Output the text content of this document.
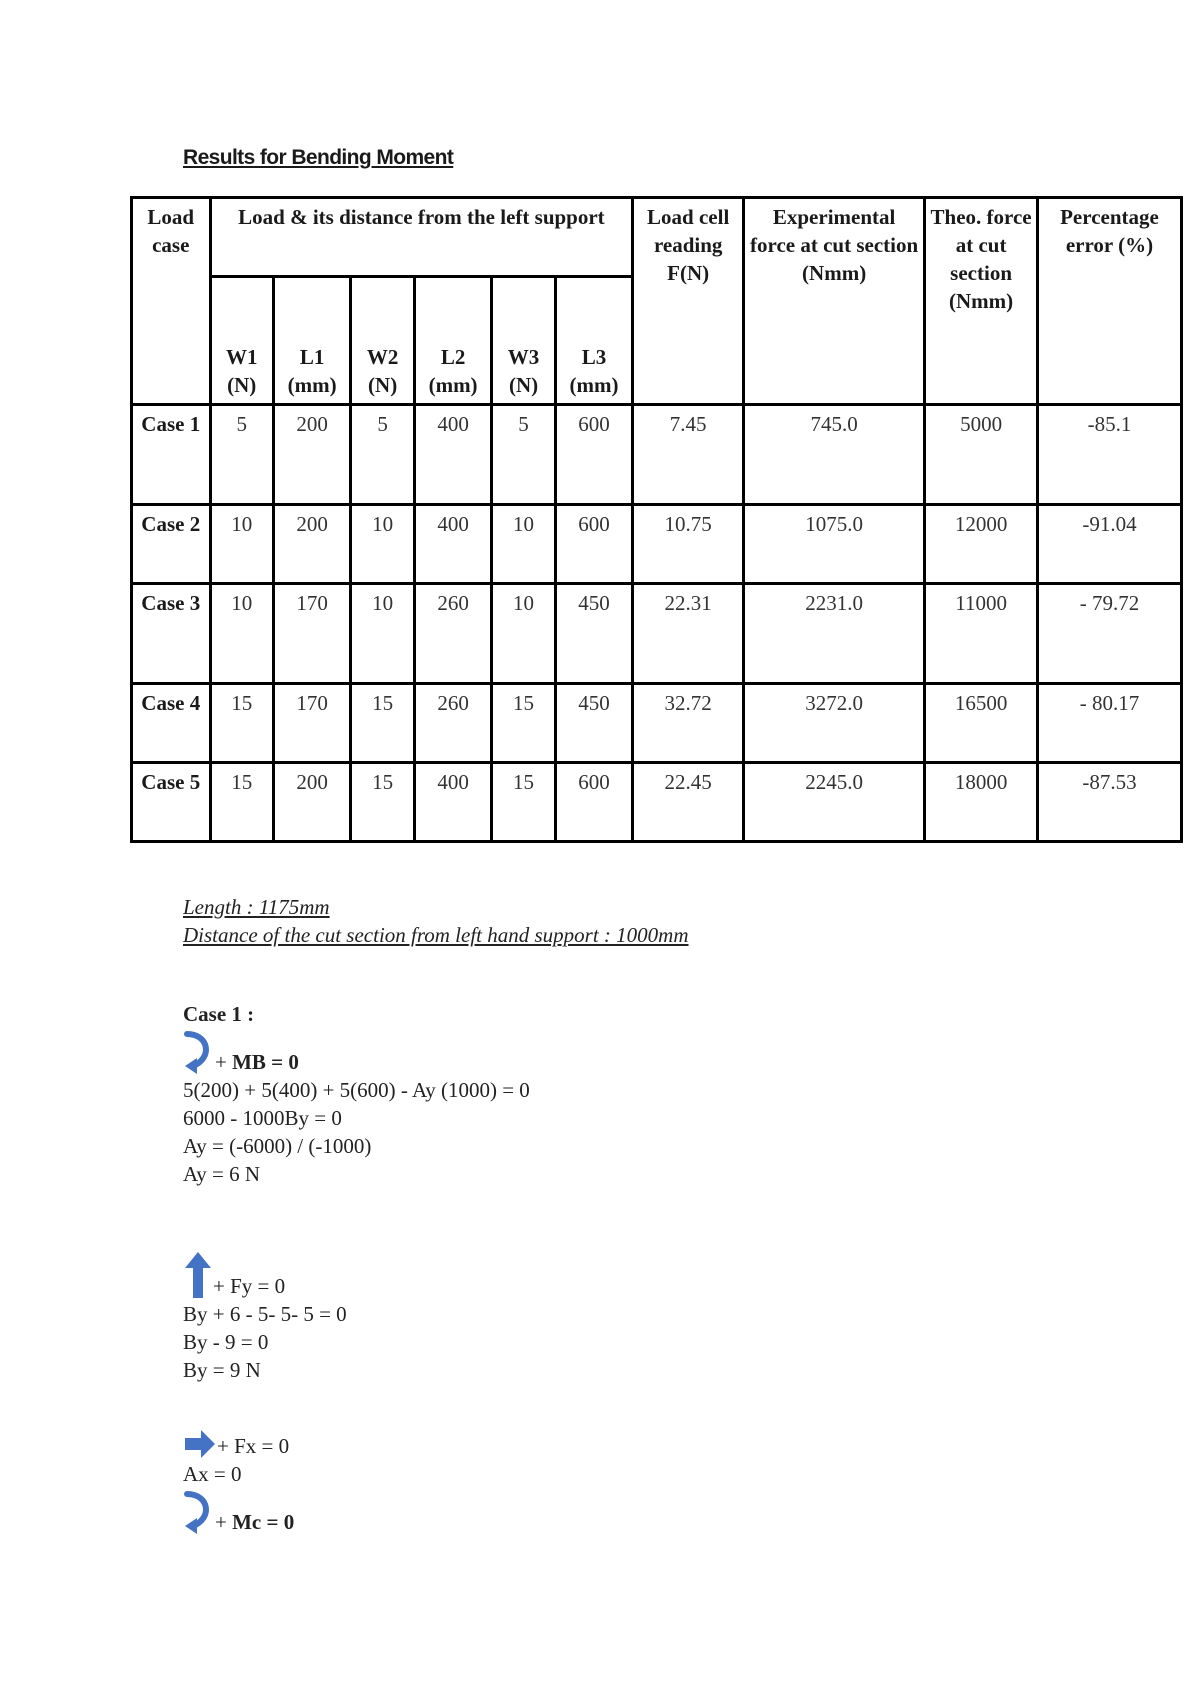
Results for Bending Moment
Load case	Load & its distance from the left support						Load cell reading F(N)	Experimental force at cut section (Nmm)	Theo. force at cut section (Nmm)	Percentage error (%)
	W1 (N)	L1 (mm)	W2 (N)	L2 (mm)	W3 (N)	L3 (mm)				
Case 1	5	200	5	400	5	600	7.45	745.0	5000	-85.1
Case 2	10	200	10	400	10	600	10.75	1075.0	12000	-91.04
Case 3	10	170	10	260	10	450	22.31	2231.0	11000	- 79.72
Case 4	15	170	15	260	15	450	32.72	3272.0	16500	- 80.17
Case 5	15	200	15	400	15	600	22.45	2245.0	18000	-87.53
Length : 1175mm
Distance of the cut section from left hand support : 1000mm
Case 1 :
+ MB = 0
5(200) + 5(400) + 5(600) - Ay (1000) = 0
6000 - 1000By = 0
Ay = (-6000) / (-1000)
Ay = 6 N
+ Fy = 0
By + 6 - 5- 5- 5 = 0
By - 9 = 0
By = 9 N
+ Fx = 0
Ax = 0
+ Mc = 0
